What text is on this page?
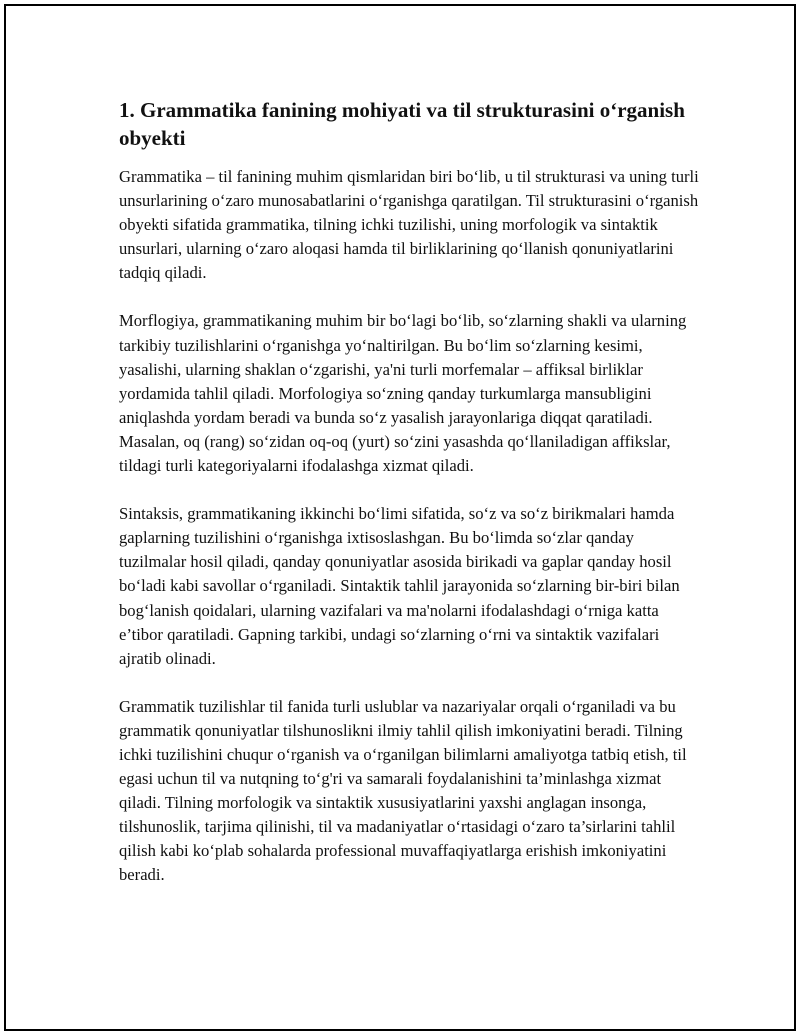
1. Grammatika fanining mohiyati va til strukturasini o‘rganish obyekti

Grammatika – til fanining muhim qismlaridan biri bo‘lib, u til strukturasi va uning turli unsurlarining o‘zaro munosabatlarini o‘rganishga qaratilgan. Til strukturasini o‘rganish obyekti sifatida grammatika, tilning ichki tuzilishi, uning morfologik va sintaktik unsurlari, ularning o‘zaro aloqasi hamda til birliklarining qo‘llanish qonuniyatlarini tadqiq qiladi.

Morflogiya, grammatikaning muhim bir bo‘lagi bo‘lib, so‘zlarning shakli va ularning tarkibiy tuzilishlarini o‘rganishga yo‘naltirilgan. Bu bo‘lim so‘zlarning kesimi, yasalishi, ularning shaklan o‘zgarishi, ya'ni turli morfemalar – affiksal birliklar yordamida tahlil qiladi. Morfologiya so‘zning qanday turkumlarga mansubligini aniqlashda yordam beradi va bunda so‘z yasalish jarayonlariga diqqat qaratiladi. Masalan, oq (rang) so‘zidan oq-oq (yurt) so‘zini yasashda qo‘llaniladigan affikslar, tildagi turli kategoriyalarni ifodalashga xizmat qiladi.

Sintaksis, grammatikaning ikkinchi bo‘limi sifatida, so‘z va so‘z birikmalari hamda gaplarning tuzilishini o‘rganishga ixtisoslashgan. Bu bo‘limda so‘zlar qanday tuzilmalar hosil qiladi, qanday qonuniyatlar asosida birikadi va gaplar qanday hosil bo‘ladi kabi savollar o‘rganiladi. Sintaktik tahlil jarayonida so‘zlarning bir-biri bilan bog‘lanish qoidalari, ularning vazifalari va ma'nolarni ifodalashdagi o‘rniga katta e’tibor qaratiladi. Gapning tarkibi, undagi so‘zlarning o‘rni va sintaktik vazifalari ajratib olinadi.

Grammatik tuzilishlar til fanida turli uslublar va nazariyalar orqali o‘rganiladi va bu grammatik qonuniyatlar tilshunoslikni ilmiy tahlil qilish imkoniyatini beradi. Tilning ichki tuzilishini chuqur o‘rganish va o‘rganilgan bilimlarni amaliyotga tatbiq etish, til egasi uchun til va nutqning to‘g'ri va samarali foydalanishini ta’minlashga xizmat qiladi. Tilning morfologik va sintaktik xususiyatlarini yaxshi anglagan insonga, tilshunoslik, tarjima qilinishi, til va madaniyatlar o‘rtasidagi o‘zaro ta’sirlarini tahlil qilish kabi ko‘plab sohalarda professional muvaffaqiyatlarga erishish imkoniyatini beradi.
